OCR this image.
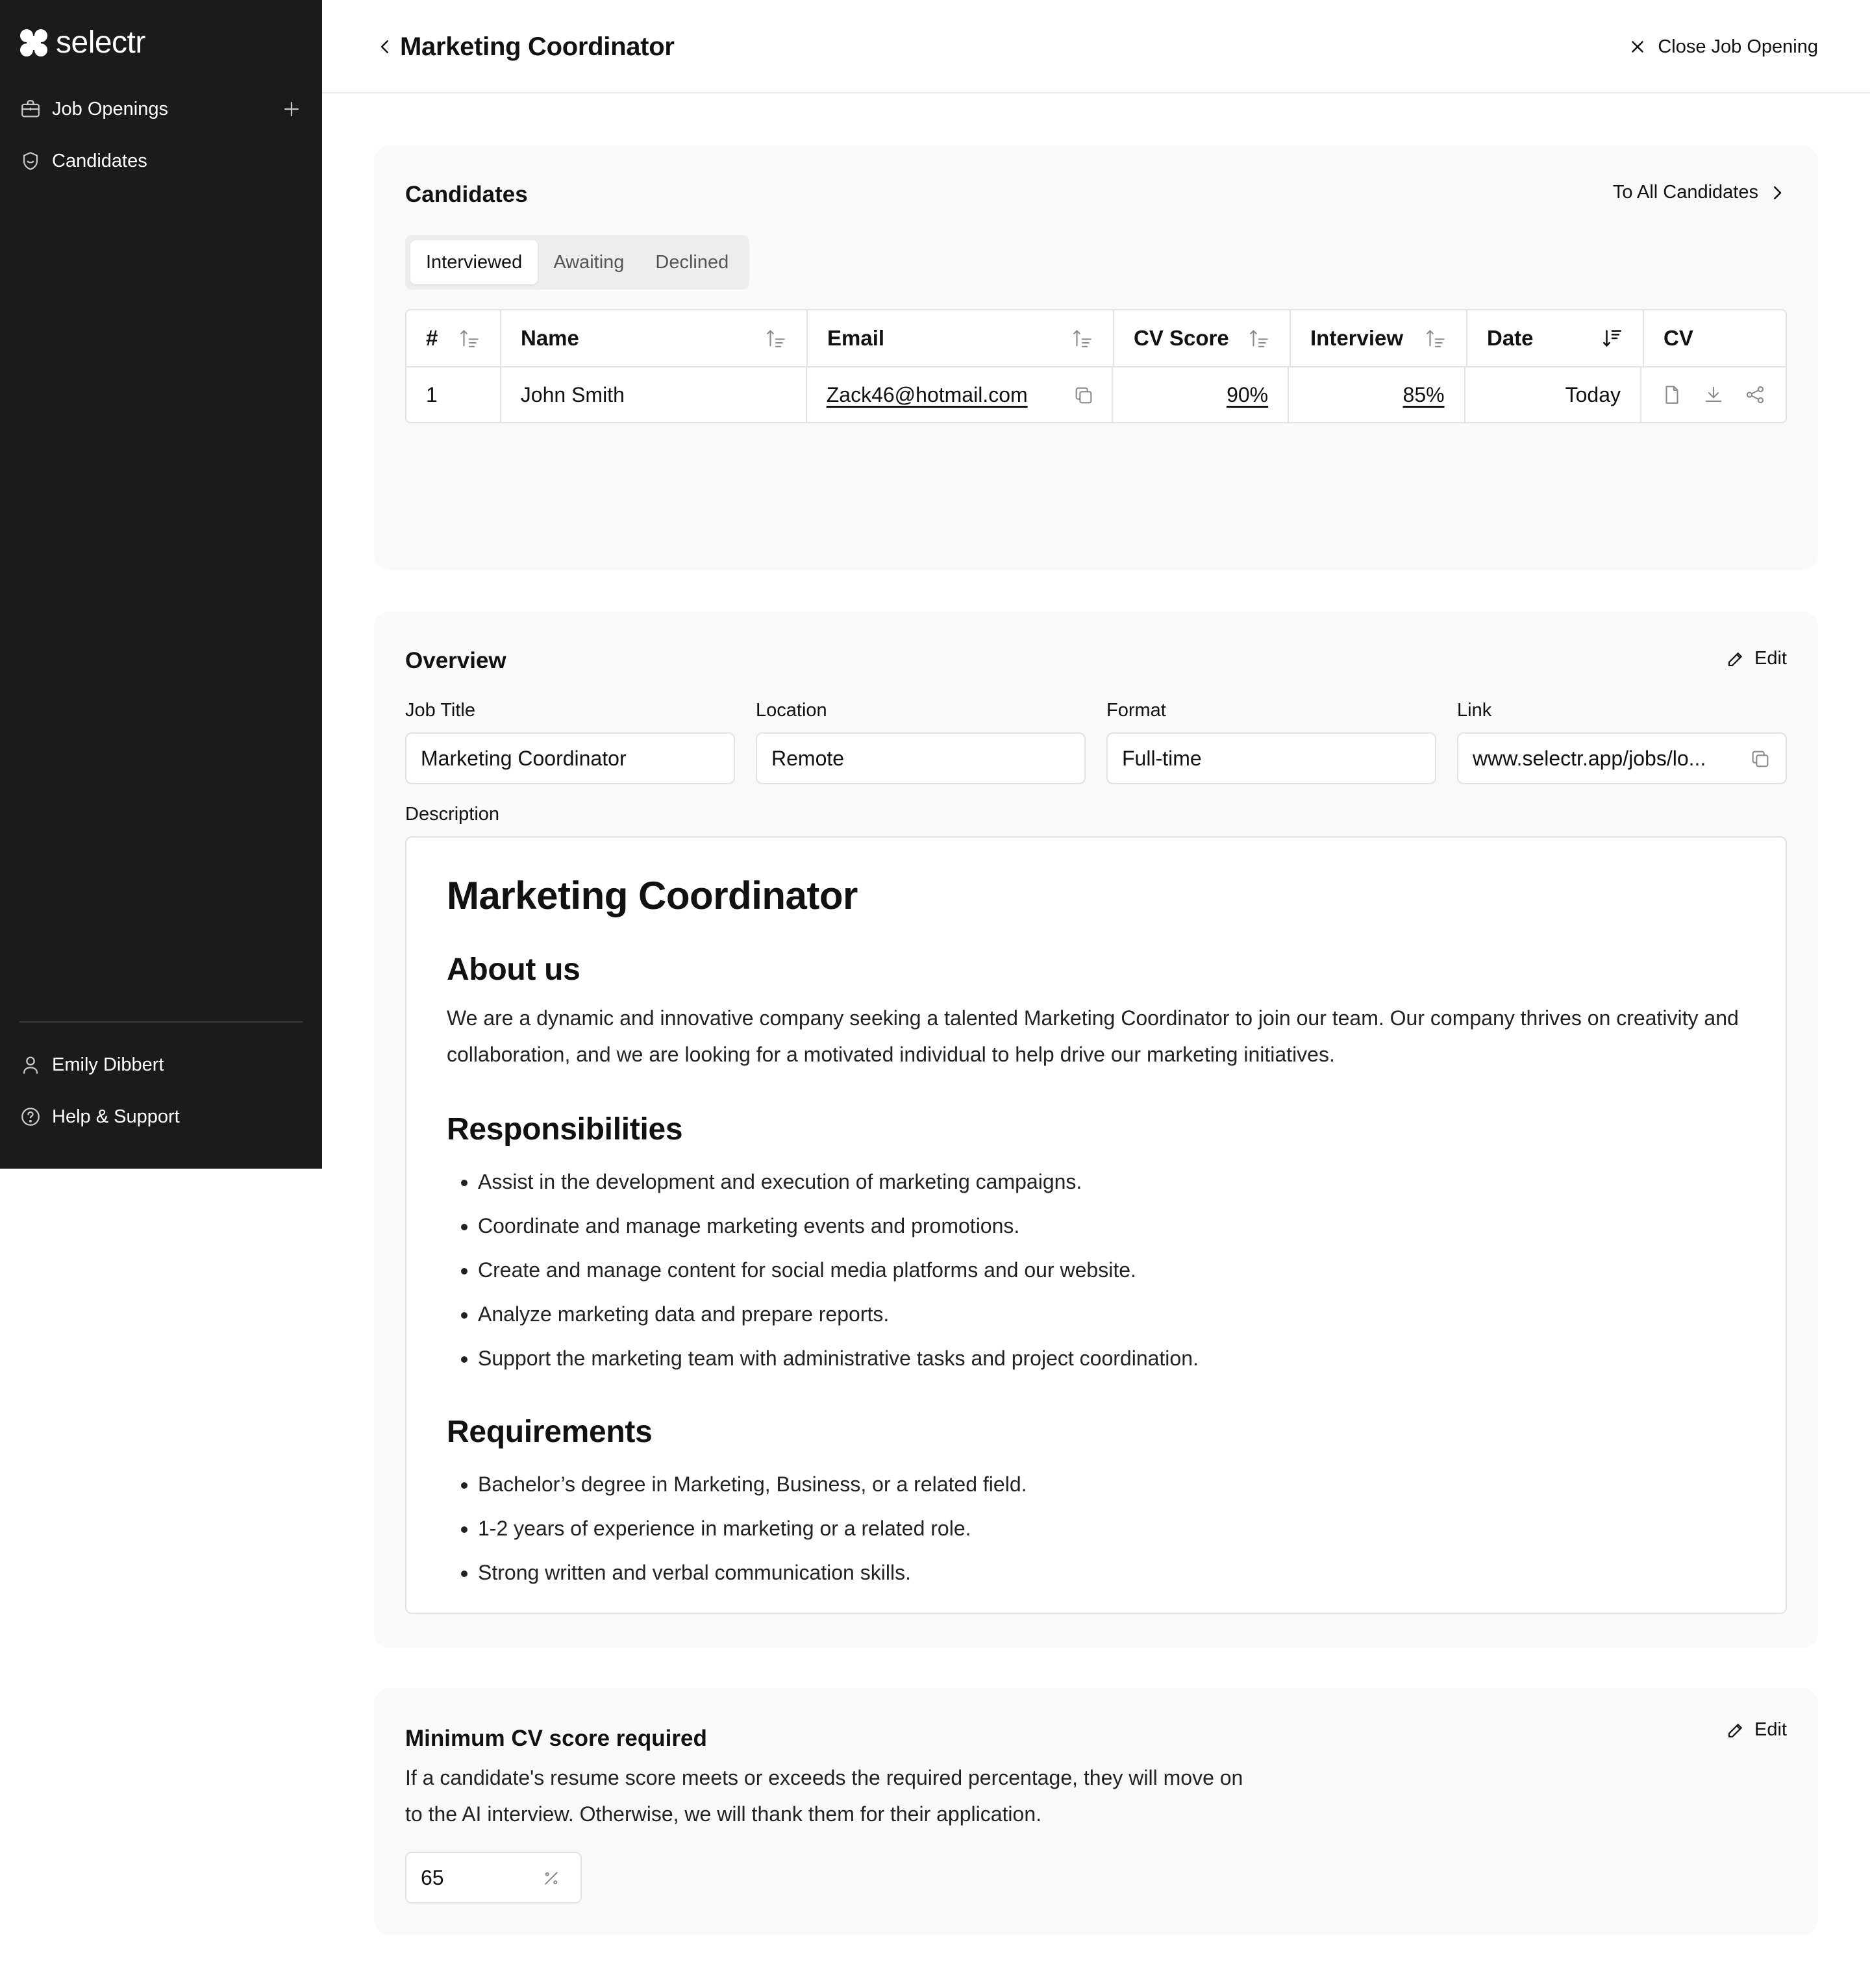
selectr
Job Openings
Candidates
Emily Dibbert
Help & Support
Marketing Coordinator	Close Job Opening
Candidates	To All Candidates
Interviewed	Awaiting	Declined
#	Name	Email	CV Score	Interview	Date	CV
1	John Smith	Zack46@hotmail.com	90%	85%	Today
Overview	Edit
Job Title
Marketing Coordinator
Location
Remote
Format
Full-time
Link
www.selectr.app/jobs/lo...
Description
Marketing Coordinator
About us

We are a dynamic and innovative company seeking a talented Marketing Coordinator to join our team. Our company thrives on creativity and collaboration, and we are looking for a motivated individual to help drive our marketing initiatives.

Responsibilities
• Assist in the development and execution of marketing campaigns.
• Coordinate and manage marketing events and promotions.
• Create and manage content for social media platforms and our website.
• Analyze marketing data and prepare reports.
• Support the marketing team with administrative tasks and project coordination.
Requirements
• Bachelor’s degree in Marketing, Business, or a related field.
• 1-2 years of experience in marketing or a related role.
• Strong written and verbal communication skills.
Minimum CV score required	Edit
If a candidate's resume score meets or exceeds the required percentage, they will move on to the AI interview. Otherwise, we will thank them for their application.
65
